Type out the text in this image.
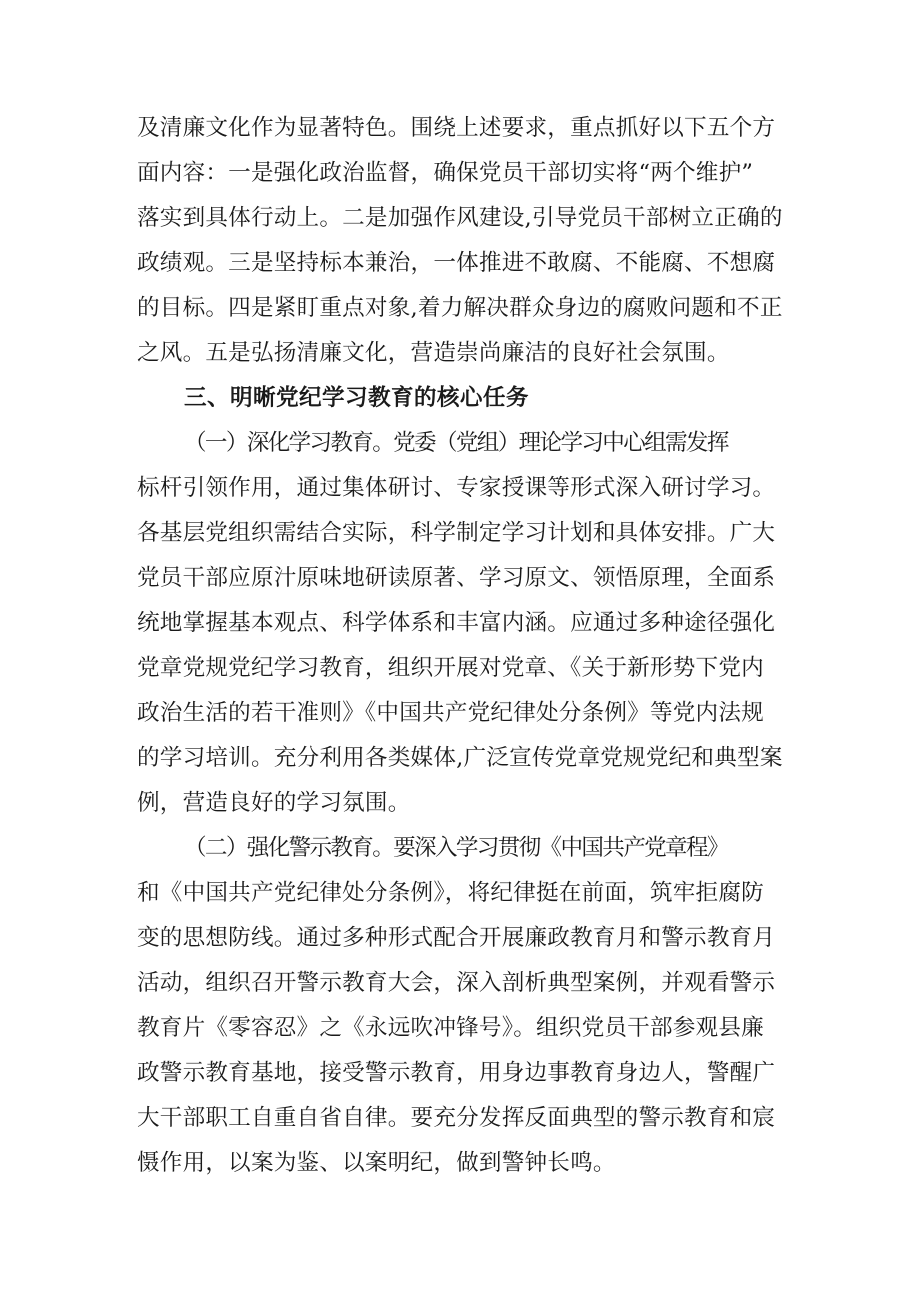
及清廉文化作为显著特色。围绕上述要求，重点抓好以下五个方
面内容：一是强化政治监督，确保党员干部切实将“两个维护”
落实到具体行动上。二是加强作风建设,引导党员干部树立正确的
政绩观。三是坚持标本兼治，一体推进不敢腐、不能腐、不想腐
的目标。四是紧盯重点对象,着力解决群众身边的腐败问题和不正
之风。五是弘扬清廉文化，营造崇尚廉洁的良好社会氛围。
三、明晰党纪学习教育的核心任务
（一）深化学习教育。党委（党组）理论学习中心组需发挥
标杆引领作用，通过集体研讨、专家授课等形式深入研讨学习。
各基层党组织需结合实际，科学制定学习计划和具体安排。广大
党员干部应原汁原味地研读原著、学习原文、领悟原理，全面系
统地掌握基本观点、科学体系和丰富内涵。应通过多种途径强化
党章党规党纪学习教育，组织开展对党章、《关于新形势下党内
政治生活的若干准则》《中国共产党纪律处分条例》等党内法规
的学习培训。充分利用各类媒体,广泛宣传党章党规党纪和典型案
例，营造良好的学习氛围。
（二）强化警示教育。要深入学习贯彻《中国共产党章程》
和《中国共产党纪律处分条例》，将纪律挺在前面，筑牢拒腐防
变的思想防线。通过多种形式配合开展廉政教育月和警示教育月
活动，组织召开警示教育大会，深入剖析典型案例，并观看警示
教育片《零容忍》之《永远吹冲锋号》。组织党员干部参观县廉
政警示教育基地，接受警示教育，用身边事教育身边人，警醒广
大干部职工自重自省自律。要充分发挥反面典型的警示教育和宸
慑作用，以案为鉴、以案明纪，做到警钟长鸣。
